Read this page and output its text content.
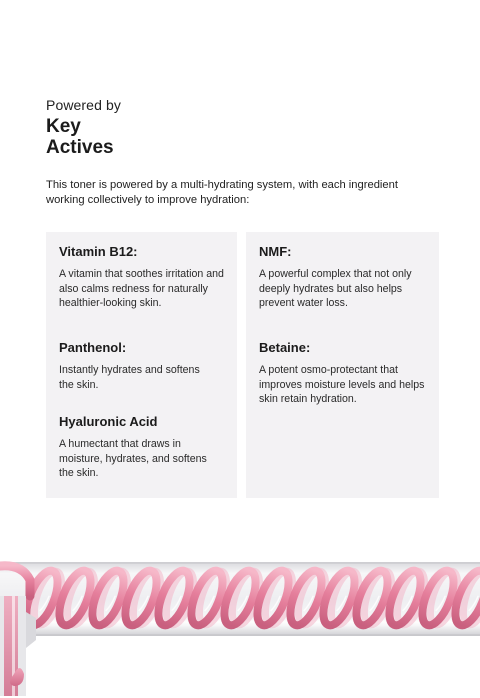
Powered by
Key
Actives
This toner is powered by a multi-hydrating system, with each ingredient working collectively to improve hydration:
Vitamin B12:

A vitamin that soothes irritation and also calms redness for naturally healthier-looking skin.

Panthenol:

Instantly hydrates and softens the skin.

Hyaluronic Acid

A humectant that draws in moisture, hydrates, and softens the skin.

NMF:

A powerful complex that not only deeply hydrates but also helps prevent water loss.

Betaine:

A potent osmo-protectant that improves moisture levels and helps skin retain hydration.
